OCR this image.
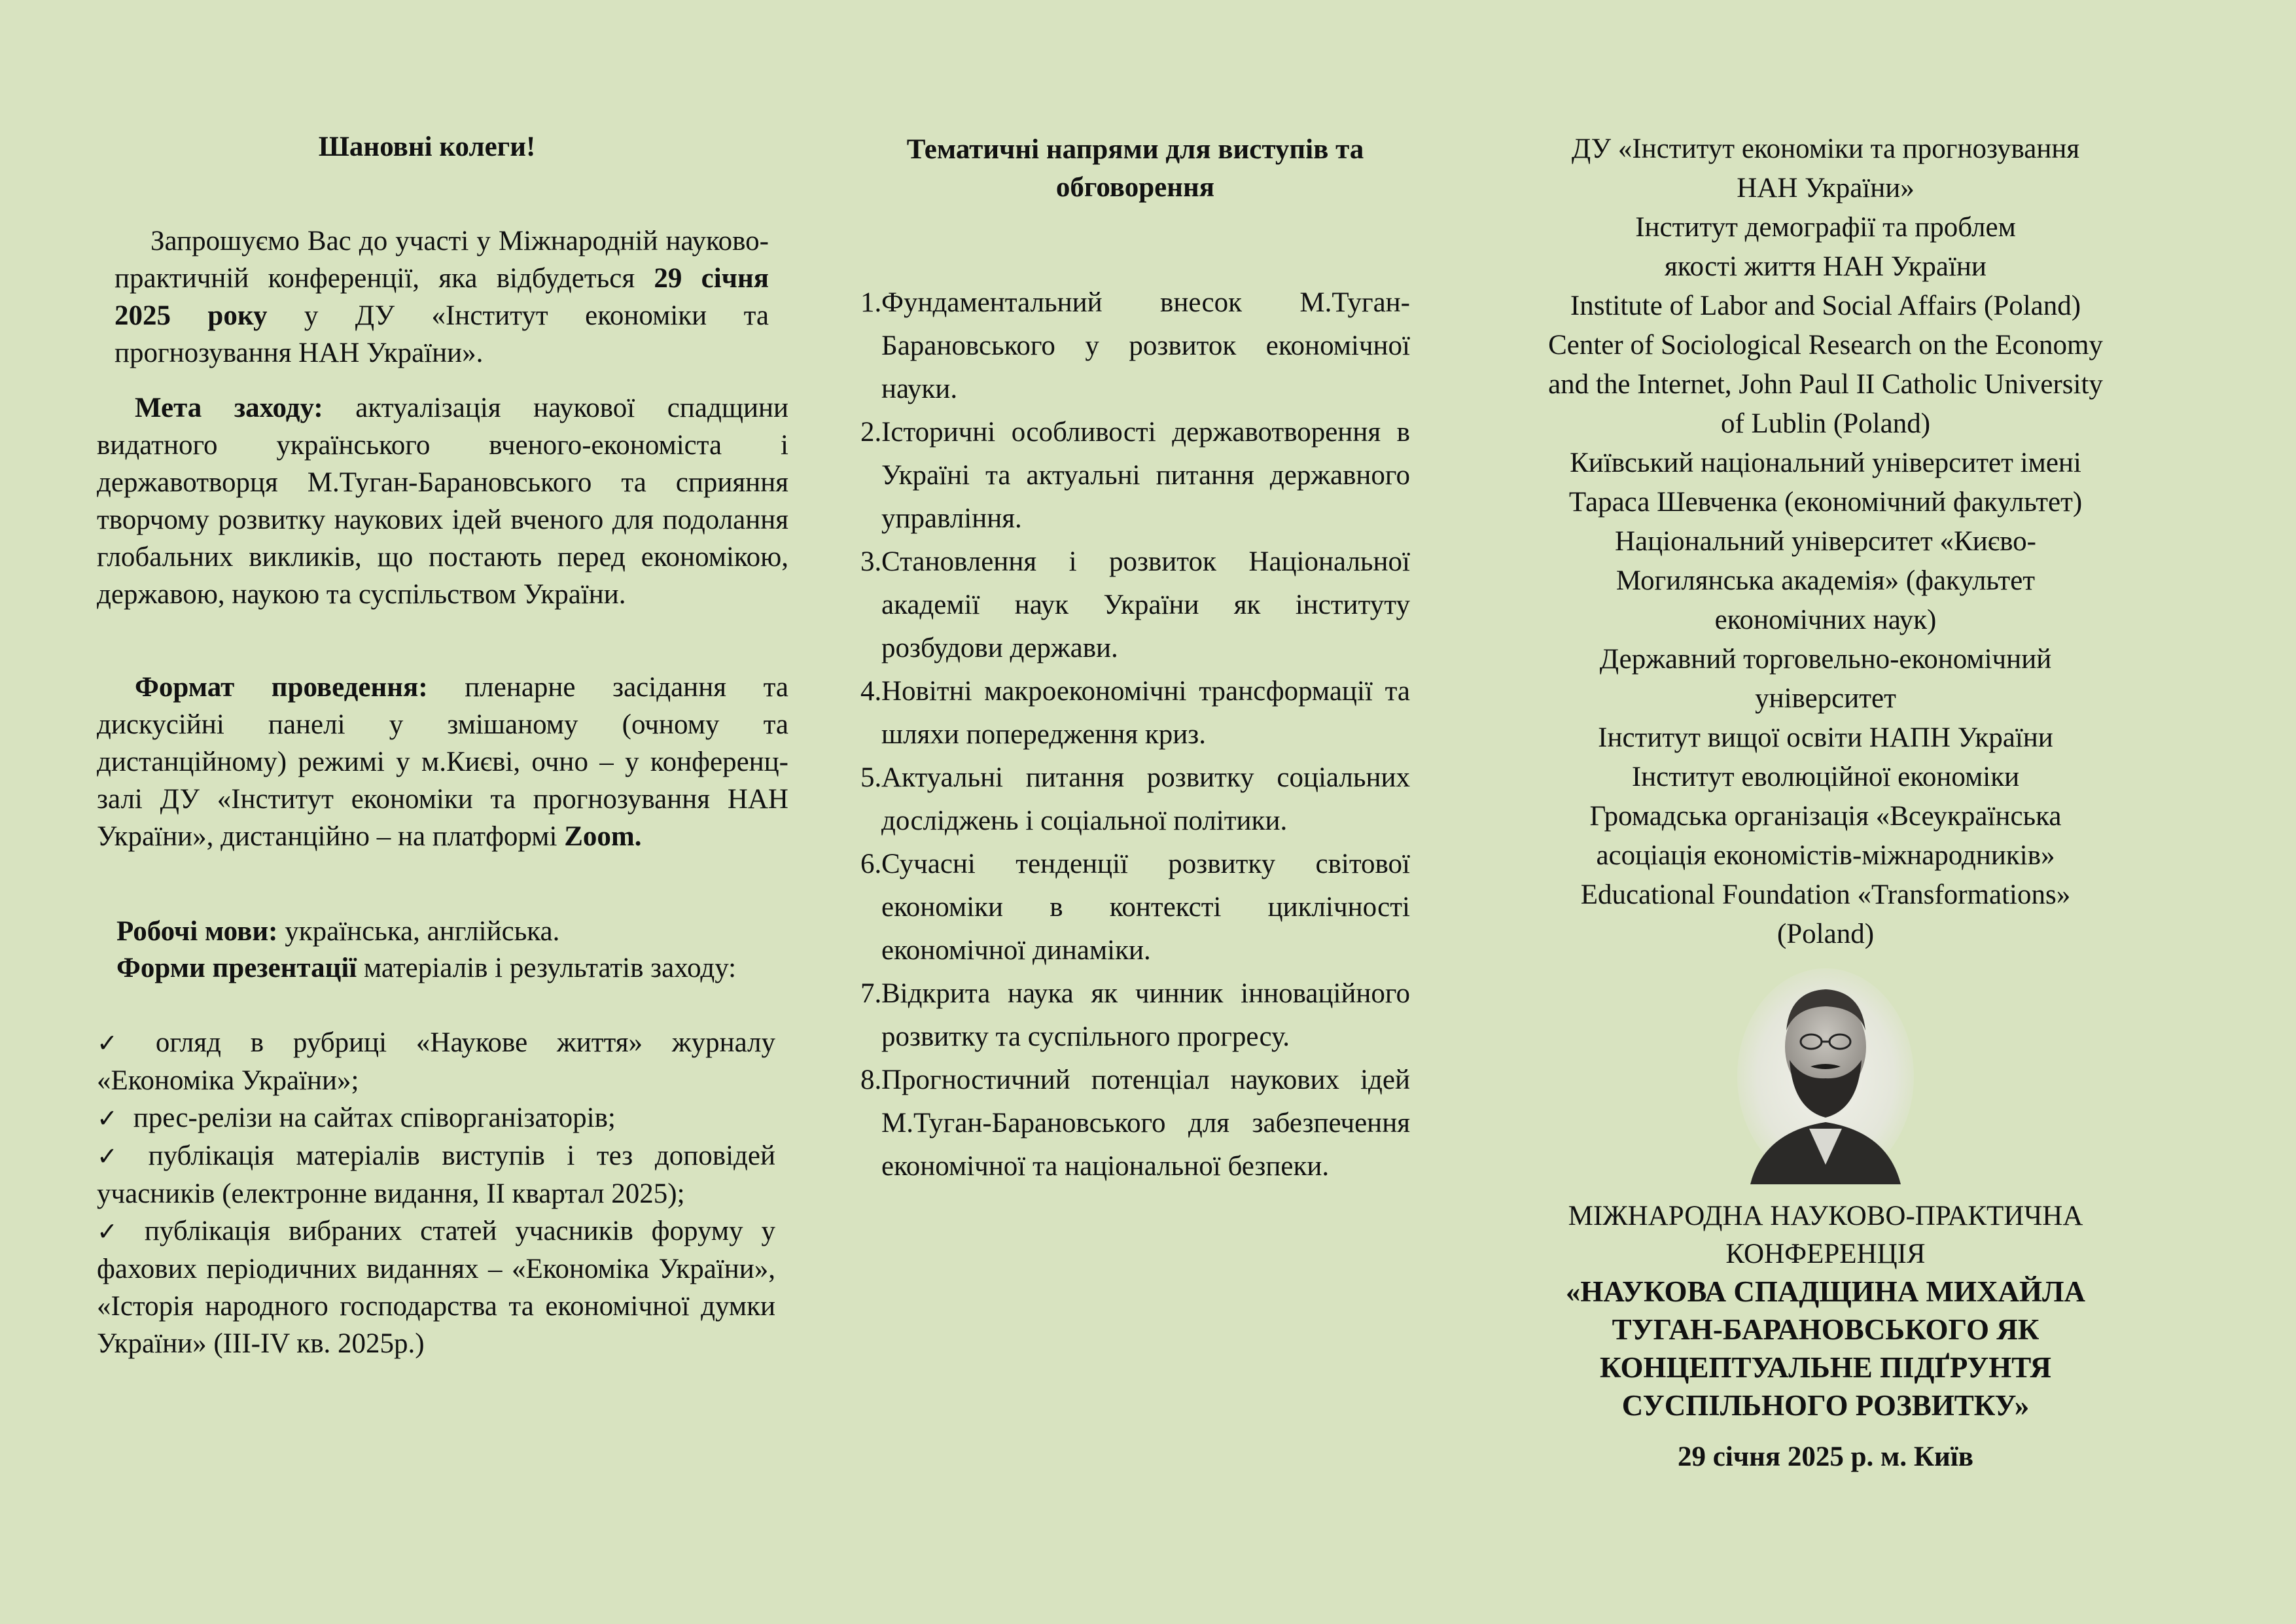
Шановні колеги!
Запрошуємо Вас до участі у Міжнародній науково-практичній конференції, яка відбудеться 29 січня 2025 року у ДУ «Інститут економіки та прогнозування НАН України».
Мета заходу: актуалізація наукової спадщини видатного українського вченого-економіста і державотворця М.Туган-Барановського та сприяння творчому розвитку наукових ідей вченого для подолання глобальних викликів, що постають перед економікою, державою, наукою та суспільством України.
Формат проведення: пленарне засідання та дискусійні панелі у змішаному (очному та дистанційному) режимі у м.Києві, очно – у конференц-залі ДУ «Інститут економіки та прогнозування НАН України», дистанційно – на платформі Zoom.
Робочі мови: українська, англійська.
Форми презентації матеріалів і результатів заходу:
✓ огляд в рубриці «Наукове життя» журналу «Економіка України»;
✓ прес-релізи на сайтах співорганізаторів;
✓ публікація матеріалів виступів і тез доповідей учасників (електронне видання, II квартал 2025);
✓ публікація вибраних статей учасників форуму у фахових періодичних виданнях – «Економіка України», «Історія народного господарства та економічної думки України» (III-IV кв. 2025р.)
Тематичні напрями для виступів та обговорення
1. Фундаментальний внесок М.Туган-Барановського у розвиток економічної науки.
2. Історичні особливості державотворення в Україні та актуальні питання державного управління.
3. Становлення і розвиток Національної академії наук України як інституту розбудови держави.
4. Новітні макроекономічні трансформації та шляхи попередження криз.
5. Актуальні питання розвитку соціальних досліджень і соціальної політики.
6. Сучасні тенденції розвитку світової економіки в контексті циклічності економічної динаміки.
7. Відкрита наука як чинник інноваційного розвитку та суспільного прогресу.
8. Прогностичний потенціал наукових ідей М.Туган-Барановського для забезпечення економічної та національної безпеки.
ДУ «Інститут економіки та прогнозування
НАН України»
Інститут демографії та проблем
якості життя НАН України
Institute of Labor and Social Affairs (Poland)
Center of Sociological Research on the Economy
and the Internet, John Paul II Catholic University
of Lublin (Poland)
Київський національний університет імені
Тараса Шевченка (економічний факультет)
Національний університет «Києво-
Могилянська академія» (факультет
економічних наук)
Державний торговельно-економічний
університет
Інститут вищої освіти НАПН України
Інститут еволюційної економіки
Громадська організація «Всеукраїнська
асоціація економістів-міжнародників»
Educational Foundation «Transformations»
(Poland)
МІЖНАРОДНА НАУКОВО-ПРАКТИЧНА
КОНФЕРЕНЦІЯ
«НАУКОВА СПАДЩИНА МИХАЙЛА
ТУГАН-БАРАНОВСЬКОГО ЯК
КОНЦЕПТУАЛЬНЕ ПІДҐРУНТЯ
СУСПІЛЬНОГО РОЗВИТКУ»
29 січня 2025 р. м. Київ
